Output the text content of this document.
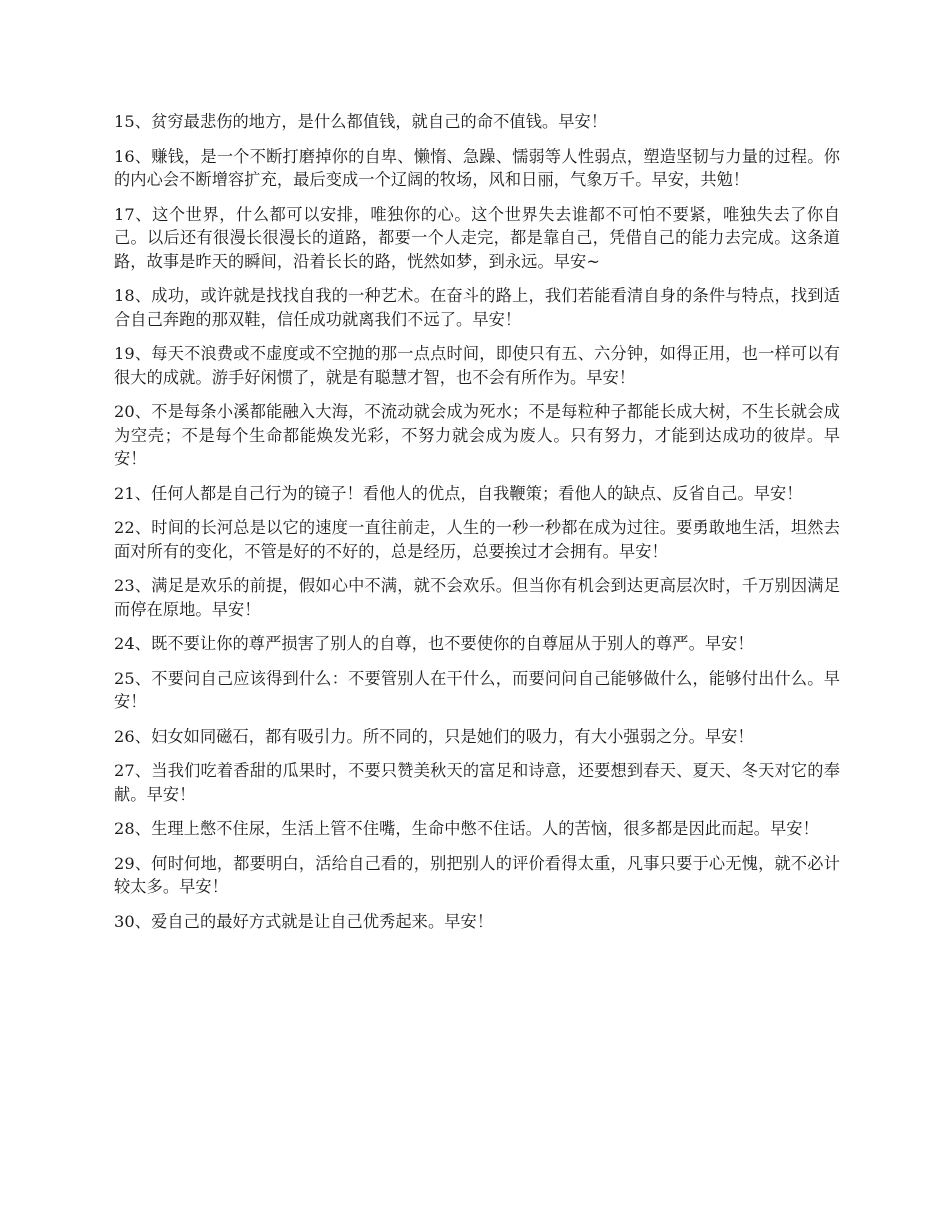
15、贫穷最悲伤的地方，是什么都值钱，就自己的命不值钱。早安！

16、赚钱，是一个不断打磨掉你的自卑、懒惰、急躁、懦弱等人性弱点，塑造坚韧与力量的过程。你的内心会不断增容扩充，最后变成一个辽阔的牧场，风和日丽，气象万千。早安，共勉！

17、这个世界，什么都可以安排，唯独你的心。这个世界失去谁都不可怕不要紧，唯独失去了你自己。以后还有很漫长很漫长的道路，都要一个人走完，都是靠自己，凭借自己的能力去完成。这条道路，故事是昨天的瞬间，沿着长长的路，恍然如梦，到永远。早安~

18、成功，或许就是找找自我的一种艺术。在奋斗的路上，我们若能看清自身的条件与特点，找到适合自己奔跑的那双鞋，信任成功就离我们不远了。早安！

19、每天不浪费或不虚度或不空抛的那一点点时间，即使只有五、六分钟，如得正用，也一样可以有很大的成就。游手好闲惯了，就是有聪慧才智，也不会有所作为。早安！

20、不是每条小溪都能融入大海，不流动就会成为死水；不是每粒种子都能长成大树，不生长就会成为空壳；不是每个生命都能焕发光彩，不努力就会成为废人。只有努力，才能到达成功的彼岸。早安！

21、任何人都是自己行为的镜子！看他人的优点，自我鞭策；看他人的缺点、反省自己。早安！

22、时间的长河总是以它的速度一直往前走，人生的一秒一秒都在成为过往。要勇敢地生活，坦然去面对所有的变化，不管是好的不好的，总是经历，总要挨过才会拥有。早安！

23、满足是欢乐的前提，假如心中不满，就不会欢乐。但当你有机会到达更高层次时，千万别因满足而停在原地。早安！

24、既不要让你的尊严损害了别人的自尊，也不要使你的自尊屈从于别人的尊严。早安！

25、不要问自己应该得到什么：不要管别人在干什么，而要问问自己能够做什么，能够付出什么。早安！

26、妇女如同磁石，都有吸引力。所不同的，只是她们的吸力，有大小强弱之分。早安！

27、当我们吃着香甜的瓜果时，不要只赞美秋天的富足和诗意，还要想到春天、夏天、冬天对它的奉献。早安！

28、生理上憋不住尿，生活上管不住嘴，生命中憋不住话。人的苦恼，很多都是因此而起。早安！

29、何时何地，都要明白，活给自己看的，别把别人的评价看得太重，凡事只要于心无愧，就不必计较太多。早安！

30、爱自己的最好方式就是让自己优秀起来。早安！
